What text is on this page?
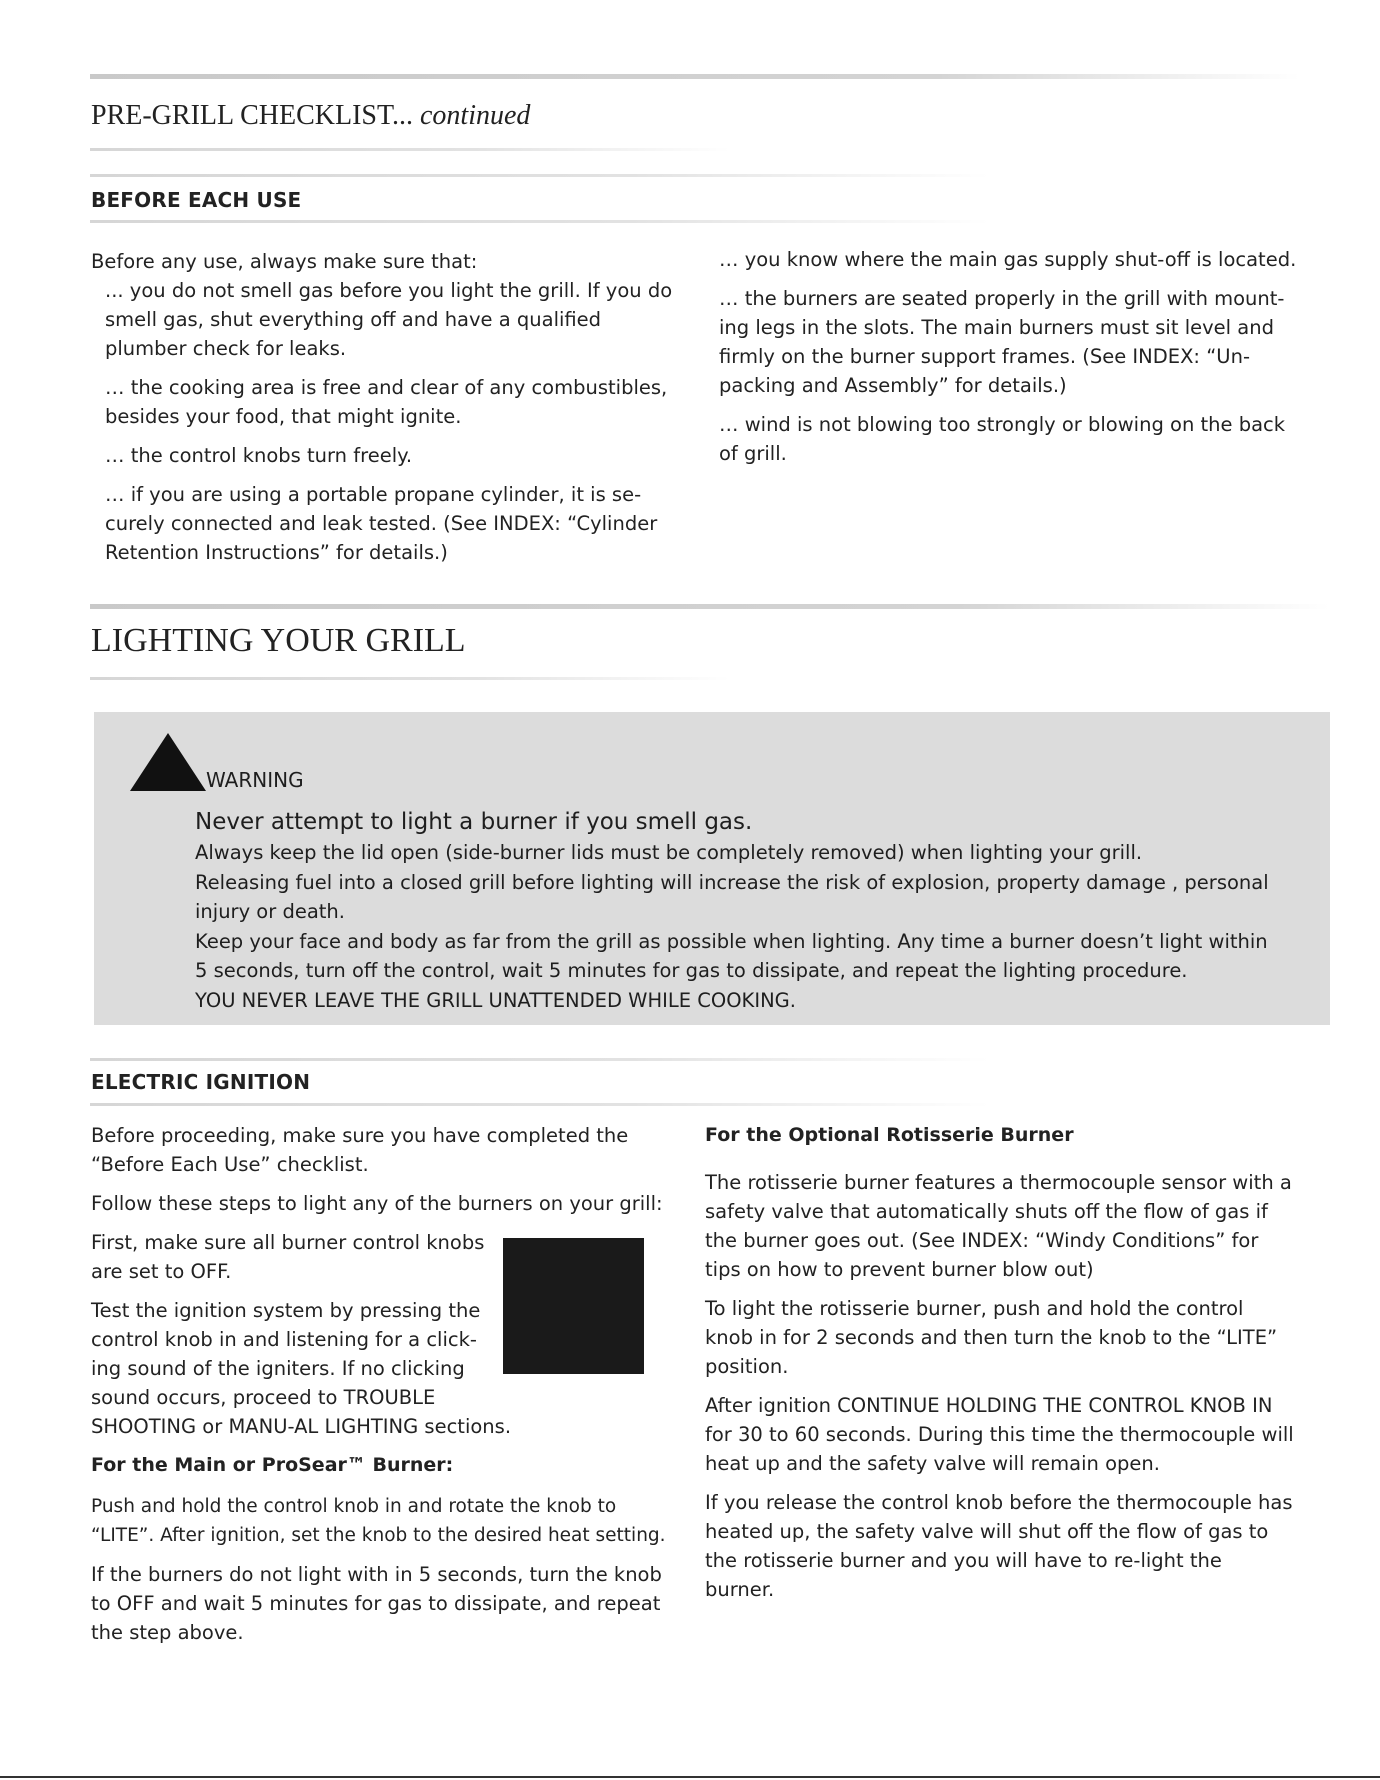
PRE-GRILL CHECKLIST... continued
BEFORE EACH USE

Before any use, always make sure that:

... you do not smell gas before you light the grill. If you do smell gas, shut everything off and have a qualified plumber check for leaks.

… the cooking area is free and clear of any combustibles, besides your food, that might ignite.

… the control knobs turn freely.

… if you are using a portable propane cylinder, it is se-curely connected and leak tested. (See INDEX: “Cylinder Retention Instructions” for details.)

… you know where the main gas supply shut-off is located.

… the burners are seated properly in the grill with mount-ing legs in the slots. The main burners must sit level and firmly on the burner support frames. (See INDEX: “Un-packing and Assembly” for details.)

… wind is not blowing too strongly or blowing on the back of grill.

LIGHTING YOUR GRILL
WARNING
Never attempt to light a burner if you smell gas.
Always keep the lid open (side-burner lids must be completely removed) when lighting your grill.
Releasing fuel into a closed grill before lighting will increase the risk of explosion, property damage , personal
injury or death.
Keep your face and body as far from the grill as possible when lighting. Any time a burner doesn’t light within
5 seconds, turn off the control, wait 5 minutes for gas to dissipate, and repeat the lighting procedure.
YOU NEVER LEAVE THE GRILL UNATTENDED WHILE COOKING.
ELECTRIC IGNITION

Before proceeding, make sure you have completed the “Before Each Use” checklist.

Follow these steps to light any of the burners on your grill:

First, make sure all burner control knobs are set to OFF.

Test the ignition system by pressing the control knob in and listening for a click-ing sound of the igniters. If no clicking sound occurs, proceed to TROUBLE SHOOTING or MANU-AL LIGHTING sections.

For the Main or ProSear™ Burner:

Push and hold the control knob in and rotate the knob to “LITE”. After ignition, set the knob to the desired heat setting.

If the burners do not light with in 5 seconds, turn the knob to OFF and wait 5 minutes for gas to dissipate, and repeat the step above.

For the Optional Rotisserie Burner

The rotisserie burner features a thermocouple sensor with a safety valve that automatically shuts off the flow of gas if the burner goes out. (See INDEX: “Windy Conditions” for tips on how to prevent burner blow out)

To light the rotisserie burner, push and hold the control knob in for 2 seconds and then turn the knob to the “LITE” position.

After ignition CONTINUE HOLDING THE CONTROL KNOB IN for 30 to 60 seconds. During this time the thermocouple will heat up and the safety valve will remain open.

If you release the control knob before the thermocouple has heated up, the safety valve will shut off the flow of gas to the rotisserie burner and you will have to re-light the burner.
